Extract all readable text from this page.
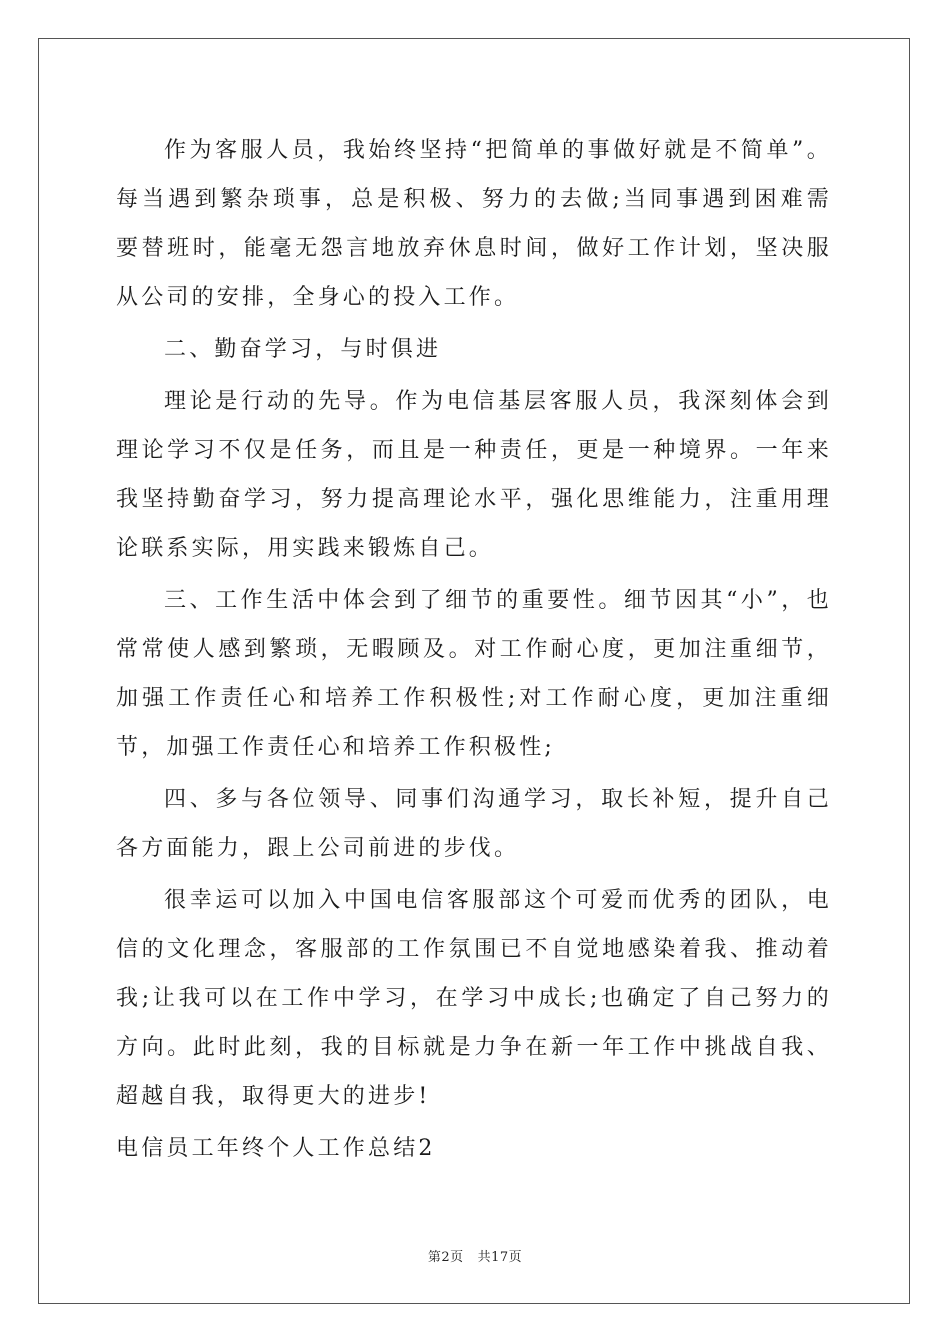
作为客服人员，我始终坚持“把简单的事做好就是不简单”。每当遇到繁杂琐事，总是积极、努力的去做;当同事遇到困难需要替班时，能毫无怨言地放弃休息时间，做好工作计划，坚决服从公司的安排，全身心的投入工作。

二、勤奋学习，与时俱进

理论是行动的先导。作为电信基层客服人员，我深刻体会到理论学习不仅是任务，而且是一种责任，更是一种境界。一年来我坚持勤奋学习，努力提高理论水平，强化思维能力，注重用理论联系实际，用实践来锻炼自己。

三、工作生活中体会到了细节的重要性。细节因其“小”，也常常使人感到繁琐，无暇顾及。对工作耐心度，更加注重细节，加强工作责任心和培养工作积极性;对工作耐心度，更加注重细节，加强工作责任心和培养工作积极性;

四、多与各位领导、同事们沟通学习，取长补短，提升自己各方面能力，跟上公司前进的步伐。

很幸运可以加入中国电信客服部这个可爱而优秀的团队，电信的文化理念，客服部的工作氛围已不自觉地感染着我、推动着我;让我可以在工作中学习，在学习中成长;也确定了自己努力的方向。此时此刻，我的目标就是力争在新一年工作中挑战自我、超越自我，取得更大的进步!

电信员工年终个人工作总结2

第2页 共17页
